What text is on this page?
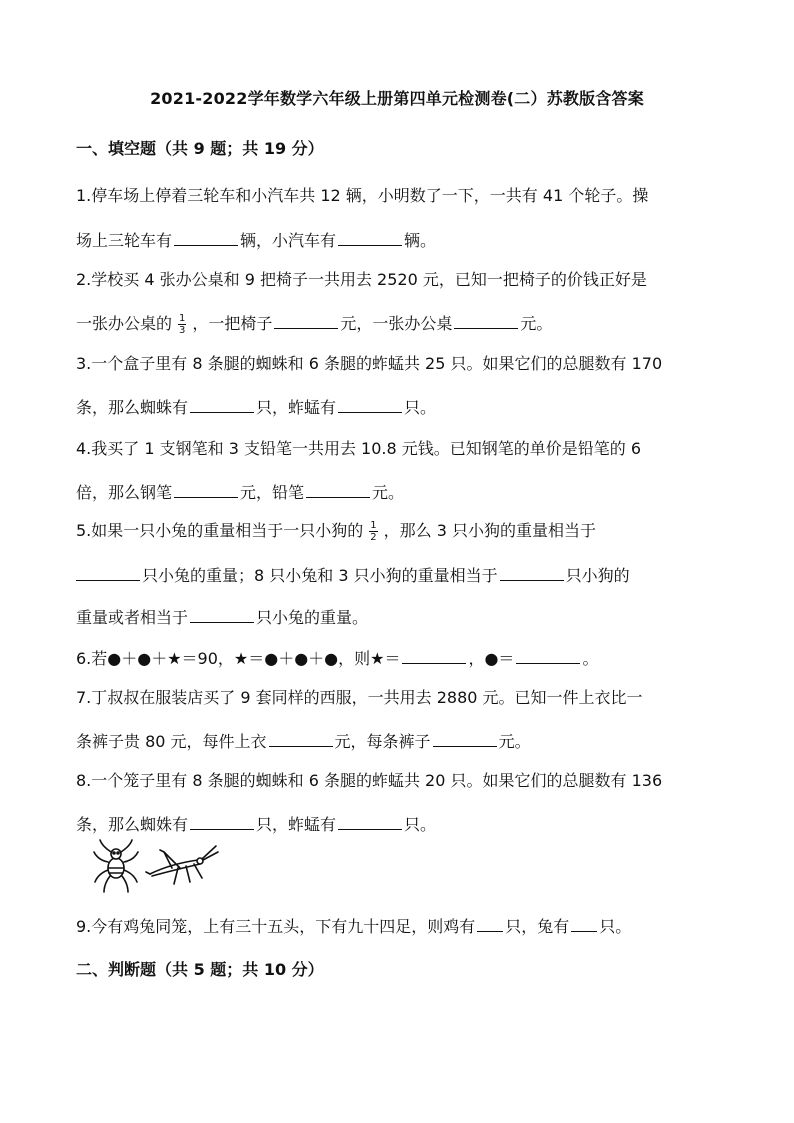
2021-2022学年数学六年级上册第四单元检测卷(二）苏教版含答案
一、填空题（共 9 题；共 19 分）
1.停车场上停着三轮车和小汽车共 12 辆，小明数了一下，一共有 41 个轮子。操
场上三轮车有	辆，小汽车有	辆。
2.学校买 4 张办公桌和 9 把椅子一共用去 2520 元，已知一把椅子的价钱正好是
一张办公桌的 $\frac{1}{3}$ ，一把椅子	元，一张办公桌	元。
3.一个盒子里有 8 条腿的蜘蛛和 6 条腿的蚱蜢共 25 只。如果它们的总腿数有 170
条，那么蜘蛛有	只，蚱蜢有	只。
4.我买了 1 支钢笔和 3 支铅笔一共用去 10.8 元钱。已知钢笔的单价是铅笔的 6
倍，那么钢笔	元，铅笔	元。
5.如果一只小兔的重量相当于一只小狗的 $\frac{1}{2}$ ，那么 3 只小狗的重量相当于
只小兔的重量；8 只小兔和 3 只小狗的重量相当于	只小狗的
重量或者相当于	只小兔的重量。
6.若●＋●＋★＝90，★＝●＋●＋●，则★＝	，●＝	。
7.丁叔叔在服装店买了 9 套同样的西服，一共用去 2880 元。已知一件上衣比一
条裤子贵 80 元，每件上衣	元，每条裤子	元。
8.一个笼子里有 8 条腿的蜘蛛和 6 条腿的蚱蜢共 20 只。如果它们的总腿数有 136
条，那么蜘姝有	只，蚱蜢有	只。
9.今有鸡兔同笼，上有三十五头，下有九十四足，则鸡有 只，兔有 只。
二、判断题（共 5 题；共 10 分）
